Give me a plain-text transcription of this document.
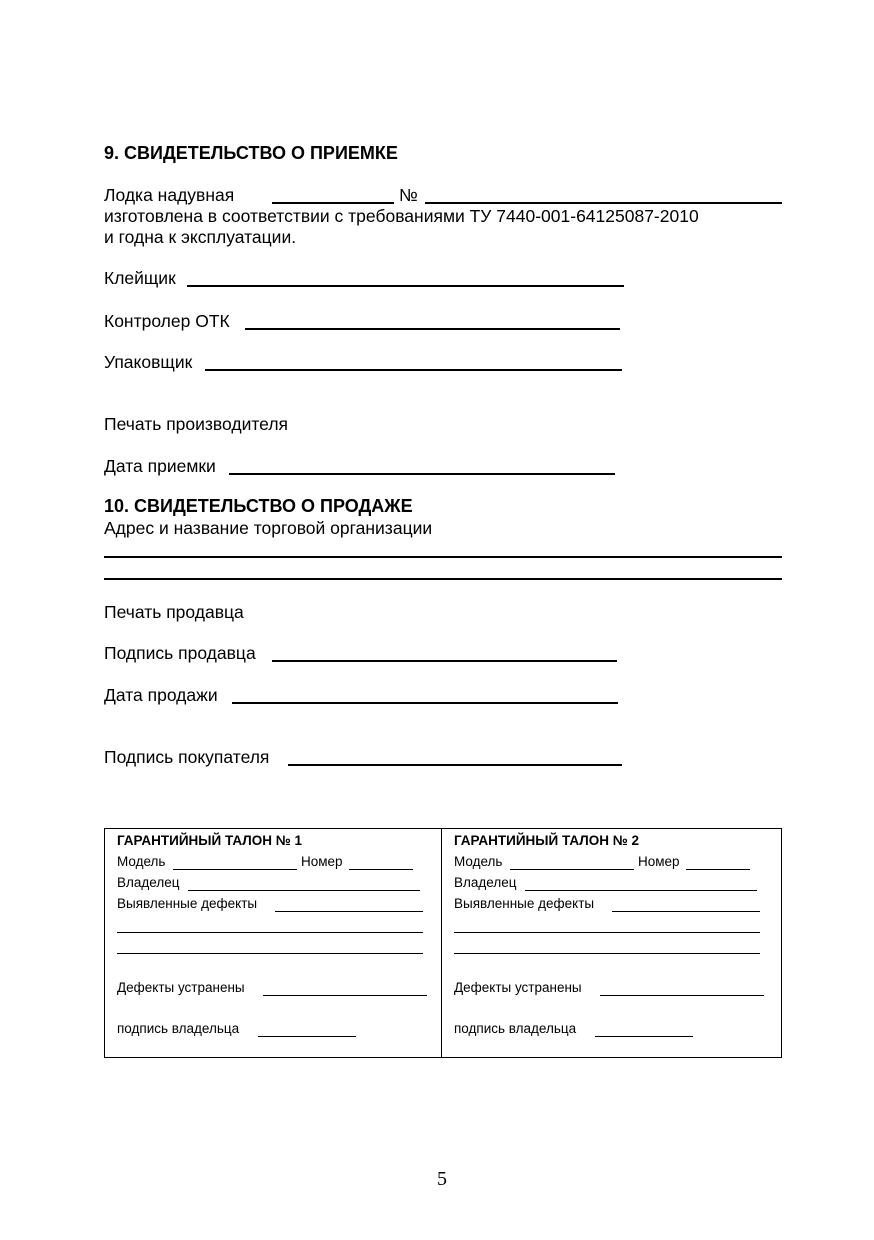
9. СВИДЕТЕЛЬСТВО О ПРИЕМКЕ
Лодка надувная	№
изготовлена в соответствии с требованиями ТУ 7440-001-64125087-2010
и годна к эксплуатации.
Клейщик
Контролер ОТК
Упаковщик
Печать производителя
Дата приемки
10. СВИДЕТЕЛЬСТВО О ПРОДАЖЕ
Адрес и название торговой организации
Печать продавца
Подпись продавца
Дата продажи
Подпись покупателя
ГАРАНТИЙНЫЙ ТАЛОН № 1
Модель	Номер
Владелец
Выявленные дефекты
Дефекты устранены
подпись владельца
ГАРАНТИЙНЫЙ ТАЛОН № 2
Модель	Номер
Владелец
Выявленные дефекты
Дефекты устранены
подпись владельца
5
